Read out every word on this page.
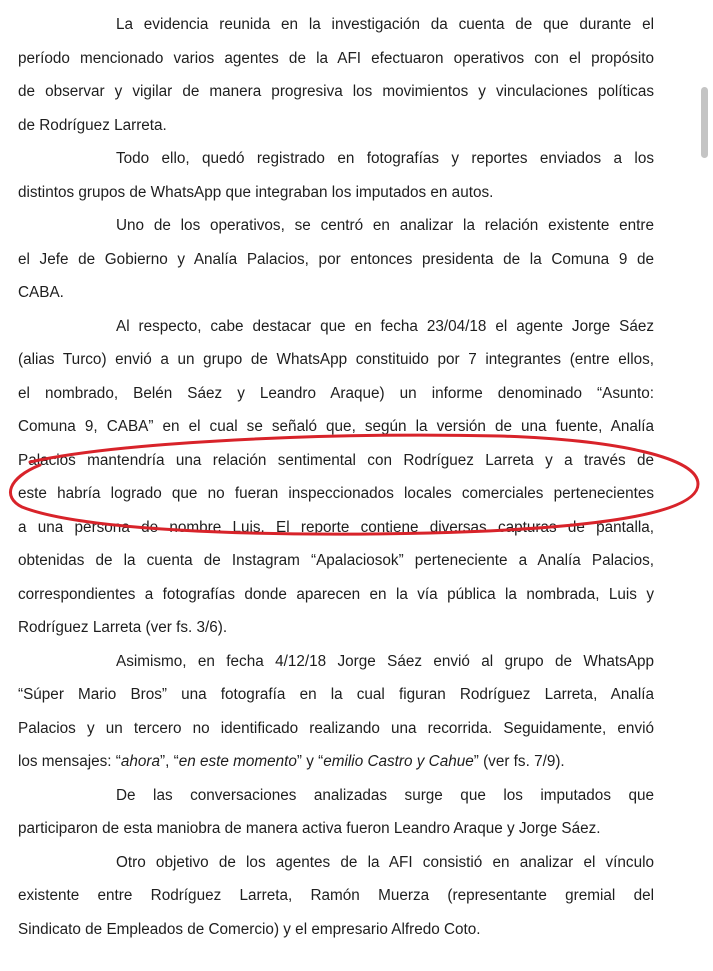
La evidencia reunida en la investigación da cuenta de que durante el
período mencionado varios agentes de la AFI efectuaron operativos con el propósito
de observar y vigilar de manera progresiva los movimientos y vinculaciones políticas
de Rodríguez Larreta.

Todo ello, quedó registrado en fotografías y reportes enviados a los
distintos grupos de WhatsApp que integraban los imputados en autos.

Uno de los operativos, se centró en analizar la relación existente entre
el Jefe de Gobierno y Analía Palacios, por entonces presidenta de la Comuna 9 de
CABA.

Al respecto, cabe destacar que en fecha 23/04/18 el agente Jorge Sáez
(alias Turco) envió a un grupo de WhatsApp constituido por 7 integrantes (entre ellos,
el nombrado, Belén Sáez y Leandro Araque) un informe denominado “Asunto:
Comuna 9, CABA” en el cual se señaló que, según la versión de una fuente, Analía
Palacios mantendría una relación sentimental con Rodríguez Larreta y a través de
este habría logrado que no fueran inspeccionados locales comerciales pertenecientes
a una persona de nombre Luis. El reporte contiene diversas capturas de pantalla,
obtenidas de la cuenta de Instagram “Apalaciosok” perteneciente a Analía Palacios,
correspondientes a fotografías donde aparecen en la vía pública la nombrada, Luis y
Rodríguez Larreta (ver fs. 3/6).

Asimismo, en fecha 4/12/18 Jorge Sáez envió al grupo de WhatsApp
“Súper Mario Bros” una fotografía en la cual figuran Rodríguez Larreta, Analía
Palacios y un tercero no identificado realizando una recorrida. Seguidamente, envió
los mensajes: “ahora”, “en este momento” y “emilio Castro y Cahue” (ver fs. 7/9).

De las conversaciones analizadas surge que los imputados que
participaron de esta maniobra de manera activa fueron Leandro Araque y Jorge Sáez.

Otro objetivo de los agentes de la AFI consistió en analizar el vínculo
existente entre Rodríguez Larreta, Ramón Muerza (representante gremial del
Sindicato de Empleados de Comercio) y el empresario Alfredo Coto.
